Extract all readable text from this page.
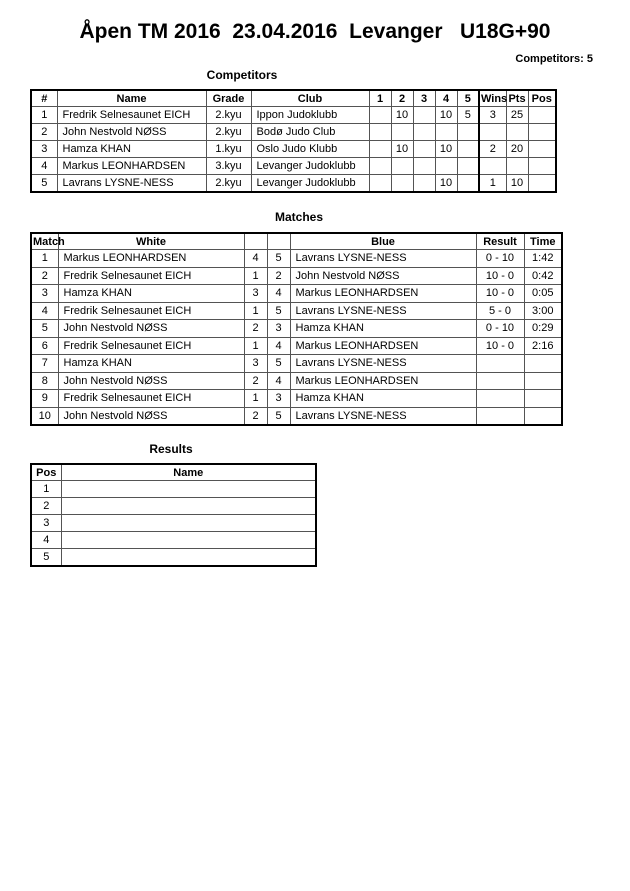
Åpen TM 2016  23.04.2016  Levanger   U18G+90
Competitors: 5
Competitors
#	Name	Grade	Club	1	2	3	4	5	Wins	Pts	Pos
1	Fredrik Selnesaunet EICH	2.kyu	Ippon Judoklubb		10		10	5	3	25	
2	John Nestvold NØSS	2.kyu	Bodø Judo Club								
3	Hamza KHAN	1.kyu	Oslo Judo Klubb		10		10		2	20	
4	Markus LEONHARDSEN	3.kyu	Levanger Judoklubb								
5	Lavrans LYSNE-NESS	2.kyu	Levanger Judoklubb				10		1	10	
Matches
Match	White			Blue	Result	Time
1	Markus LEONHARDSEN	4	5	Lavrans LYSNE-NESS	0 - 10	1:42
2	Fredrik Selnesaunet EICH	1	2	John Nestvold NØSS	10 - 0	0:42
3	Hamza KHAN	3	4	Markus LEONHARDSEN	10 - 0	0:05
4	Fredrik Selnesaunet EICH	1	5	Lavrans LYSNE-NESS	5 - 0	3:00
5	John Nestvold NØSS	2	3	Hamza KHAN	0 - 10	0:29
6	Fredrik Selnesaunet EICH	1	4	Markus LEONHARDSEN	10 - 0	2:16
7	Hamza KHAN	3	5	Lavrans LYSNE-NESS		
8	John Nestvold NØSS	2	4	Markus LEONHARDSEN		
9	Fredrik Selnesaunet EICH	1	3	Hamza KHAN		
10	John Nestvold NØSS	2	5	Lavrans LYSNE-NESS		
Results
Pos	Name
1	
2	
3	
4	
5	
